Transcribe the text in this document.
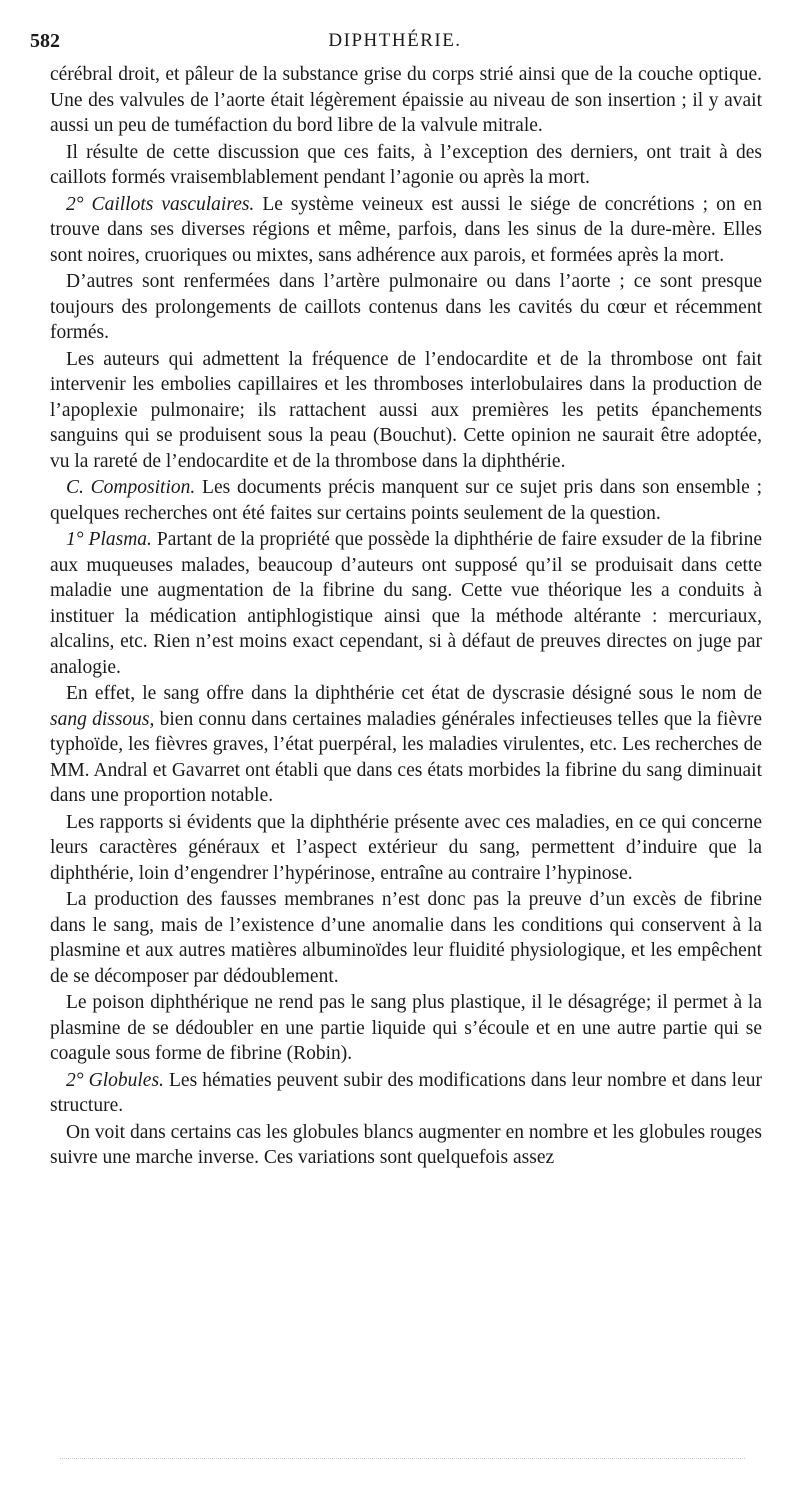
582	DIPHTHÉRIE.

cérébral droit, et pâleur de la substance grise du corps strié ainsi que de la couche optique. Une des valvules de l’aorte était légèrement épaissie au niveau de son insertion ; il y avait aussi un peu de tuméfaction du bord libre de la valvule mitrale.

Il résulte de cette discussion que ces faits, à l’exception des derniers, ont trait à des caillots formés vraisemblablement pendant l’agonie ou après la mort.

2° Caillots vasculaires. Le système veineux est aussi le siége de concrétions ; on en trouve dans ses diverses régions et même, parfois, dans les sinus de la dure-mère. Elles sont noires, cruoriques ou mixtes, sans adhérence aux parois, et formées après la mort.

D’autres sont renfermées dans l’artère pulmonaire ou dans l’aorte ; ce sont presque toujours des prolongements de caillots contenus dans les cavités du cœur et récemment formés.

Les auteurs qui admettent la fréquence de l’endocardite et de la thrombose ont fait intervenir les embolies capillaires et les thromboses interlobulaires dans la production de l’apoplexie pulmonaire; ils rattachent aussi aux premières les petits épanchements sanguins qui se produisent sous la peau (Bouchut). Cette opinion ne saurait être adoptée, vu la rareté de l’endocardite et de la thrombose dans la diphthérie.

C. Composition. Les documents précis manquent sur ce sujet pris dans son ensemble ; quelques recherches ont été faites sur certains points seulement de la question.

1° Plasma. Partant de la propriété que possède la diphthérie de faire exsuder de la fibrine aux muqueuses malades, beaucoup d’auteurs ont supposé qu’il se produisait dans cette maladie une augmentation de la fibrine du sang. Cette vue théorique les a conduits à instituer la médication antiphlogistique ainsi que la méthode altérante : mercuriaux, alcalins, etc. Rien n’est moins exact cependant, si à défaut de preuves directes on juge par analogie.

En effet, le sang offre dans la diphthérie cet état de dyscrasie désigné sous le nom de sang dissous, bien connu dans certaines maladies générales infectieuses telles que la fièvre typhoïde, les fièvres graves, l’état puerpéral, les maladies virulentes, etc. Les recherches de MM. Andral et Gavarret ont établi que dans ces états morbides la fibrine du sang diminuait dans une proportion notable.

Les rapports si évidents que la diphthérie présente avec ces maladies, en ce qui concerne leurs caractères généraux et l’aspect extérieur du sang, permettent d’induire que la diphthérie, loin d’engendrer l’hypérinose, entraîne au contraire l’hypinose.

La production des fausses membranes n’est donc pas la preuve d’un excès de fibrine dans le sang, mais de l’existence d’une anomalie dans les conditions qui conservent à la plasmine et aux autres matières albuminoïdes leur fluidité physiologique, et les empêchent de se décomposer par dédoublement.

Le poison diphthérique ne rend pas le sang plus plastique, il le désagrége; il permet à la plasmine de se dédoubler en une partie liquide qui s’écoule et en une autre partie qui se coagule sous forme de fibrine (Robin).

2° Globules. Les hématies peuvent subir des modifications dans leur nombre et dans leur structure.

On voit dans certains cas les globules blancs augmenter en nombre et les globules rouges suivre une marche inverse. Ces variations sont quelquefois assez
